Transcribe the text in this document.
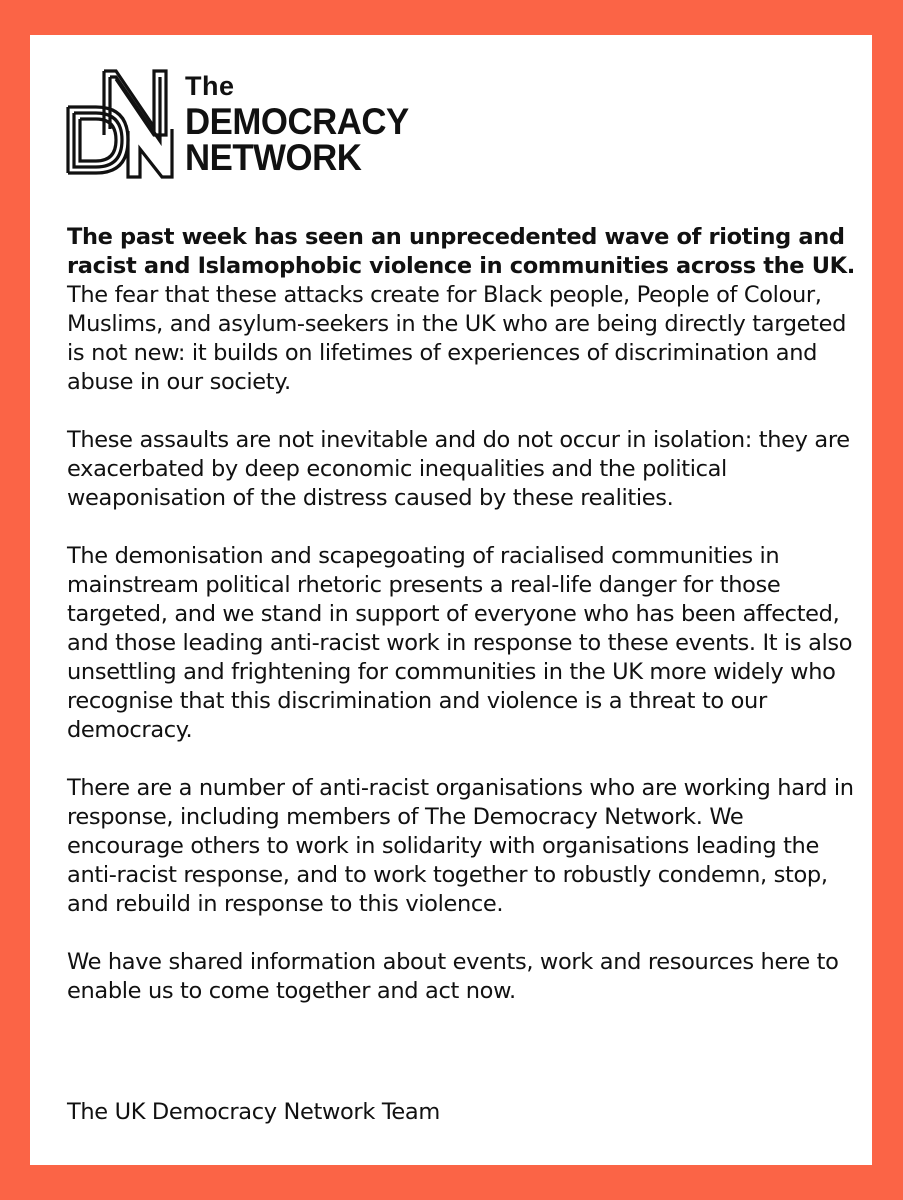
The
DEMOCRACY
NETWORK

The past week has seen an unprecedented wave of rioting and racist and Islamophobic violence in communities across the UK. The fear that these attacks create for Black people, People of Colour, Muslims, and asylum-seekers in the UK who are being directly targeted is not new: it builds on lifetimes of experiences of discrimination and abuse in our society.

These assaults are not inevitable and do not occur in isolation: they are exacerbated by deep economic inequalities and the political weaponisation of the distress caused by these realities.

The demonisation and scapegoating of racialised communities in mainstream political rhetoric presents a real-life danger for those targeted, and we stand in support of everyone who has been affected, and those leading anti-racist work in response to these events. It is also unsettling and frightening for communities in the UK more widely who recognise that this discrimination and violence is a threat to our democracy.

There are a number of anti-racist organisations who are working hard in response, including members of The Democracy Network. We encourage others to work in solidarity with organisations leading the anti-racist response, and to work together to robustly condemn, stop, and rebuild in response to this violence.

We have shared information about events, work and resources here to enable us to come together and act now.

The UK Democracy Network Team
